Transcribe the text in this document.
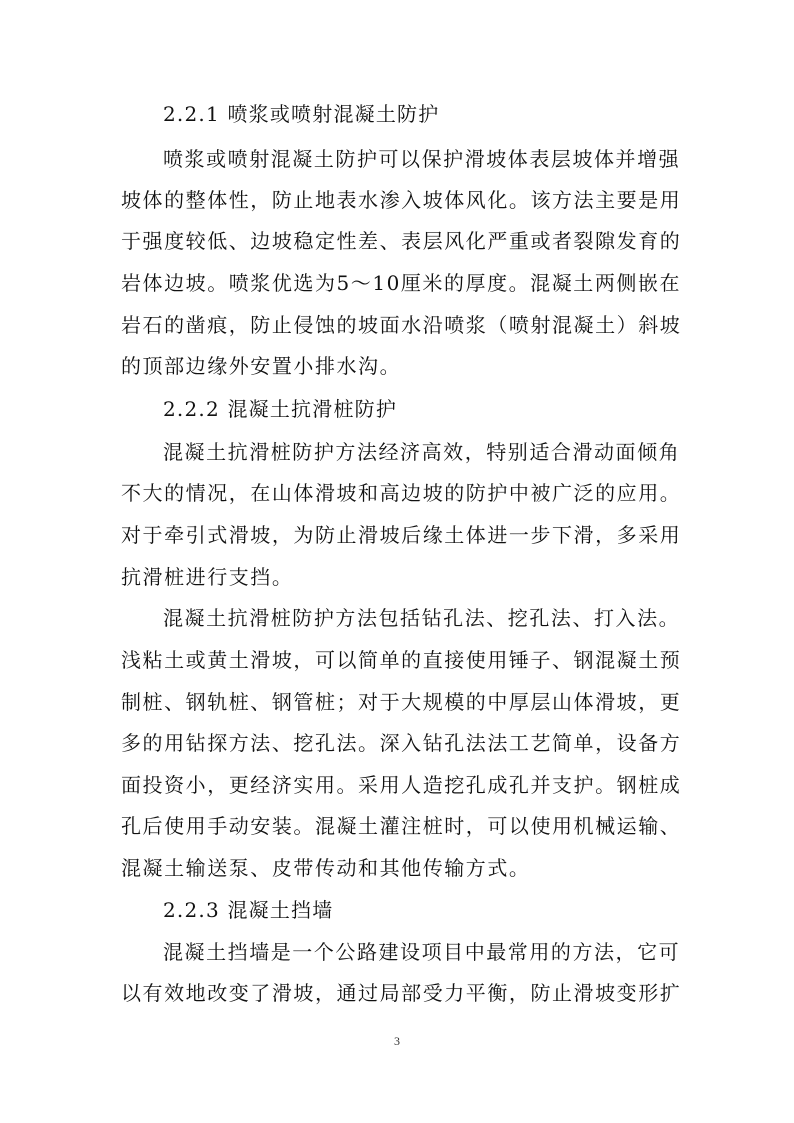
2.2.1 喷浆或喷射混凝土防护
喷浆或喷射混凝土防护可以保护滑坡体表层坡体并增强
坡体的整体性，防止地表水渗入坡体风化。该方法主要是用
于强度较低、边坡稳定性差、表层风化严重或者裂隙发育的
岩体边坡。喷浆优选为5～10厘米的厚度。混凝土两侧嵌在
岩石的凿痕，防止侵蚀的坡面水沿喷浆（喷射混凝土）斜坡
的顶部边缘外安置小排水沟。
2.2.2 混凝土抗滑桩防护
混凝土抗滑桩防护方法经济高效，特别适合滑动面倾角
不大的情况，在山体滑坡和高边坡的防护中被广泛的应用。
对于牵引式滑坡，为防止滑坡后缘土体进一步下滑，多采用
抗滑桩进行支挡。
混凝土抗滑桩防护方法包括钻孔法、挖孔法、打入法。
浅粘土或黄土滑坡，可以简单的直接使用锤子、钢混凝土预
制桩、钢轨桩、钢管桩；对于大规模的中厚层山体滑坡，更
多的用钻探方法、挖孔法。深入钻孔法法工艺简单，设备方
面投资小，更经济实用。采用人造挖孔成孔并支护。钢桩成
孔后使用手动安装。混凝土灌注桩时，可以使用机械运输、
混凝土输送泵、皮带传动和其他传输方式。
2.2.3 混凝土挡墙
混凝土挡墙是一个公路建设项目中最常用的方法，它可
以有效地改变了滑坡，通过局部受力平衡，防止滑坡变形扩
3
